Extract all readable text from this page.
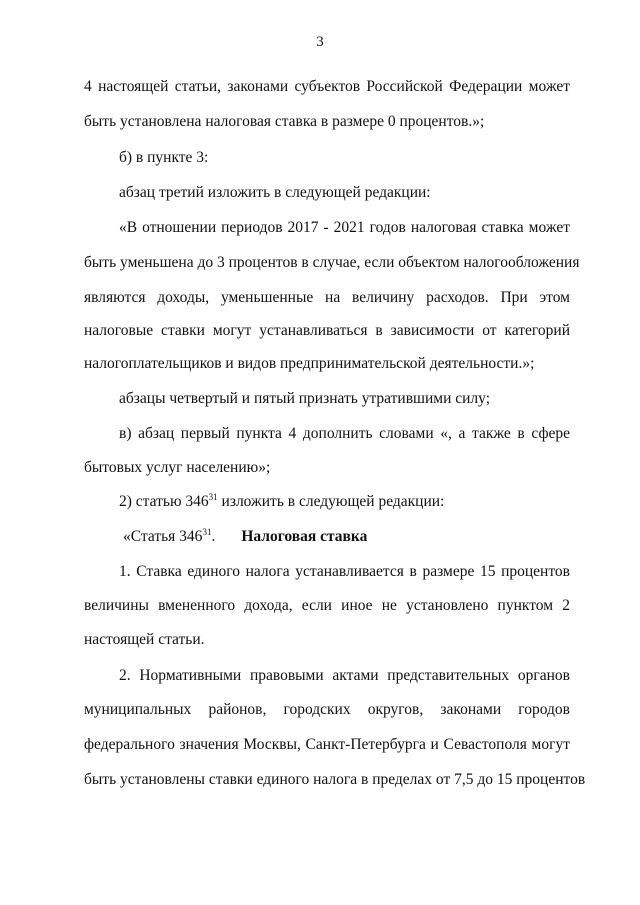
3
4 настоящей статьи, законами субъектов Российской Федерации может
быть установлена налоговая ставка в размере 0 процентов.»;
б) в пункте 3:
абзац третий изложить в следующей редакции:
«В отношении периодов 2017 - 2021 годов налоговая ставка может
быть уменьшена до 3 процентов в случае, если объектом налогообложения
являются доходы, уменьшенные на величину расходов. При этом
налоговые ставки могут устанавливаться в зависимости от категорий
налогоплательщиков и видов предпринимательской деятельности.»;
абзацы четвертый и пятый признать утратившими силу;
в) абзац первый пункта 4 дополнить словами «, а также в сфере
бытовых услуг населению»;
2) статью $346^{31}$ изложить в следующей редакции:
«Статья $346^{31}$. Налоговая ставка
1. Ставка единого налога устанавливается в размере 15 процентов
величины вмененного дохода, если иное не установлено пунктом 2
настоящей статьи.
2. Нормативными правовыми актами представительных органов
муниципальных районов, городских округов, законами городов
федерального значения Москвы, Санкт-Петербурга и Севастополя могут
быть установлены ставки единого налога в пределах от 7,5 до 15 процентов
